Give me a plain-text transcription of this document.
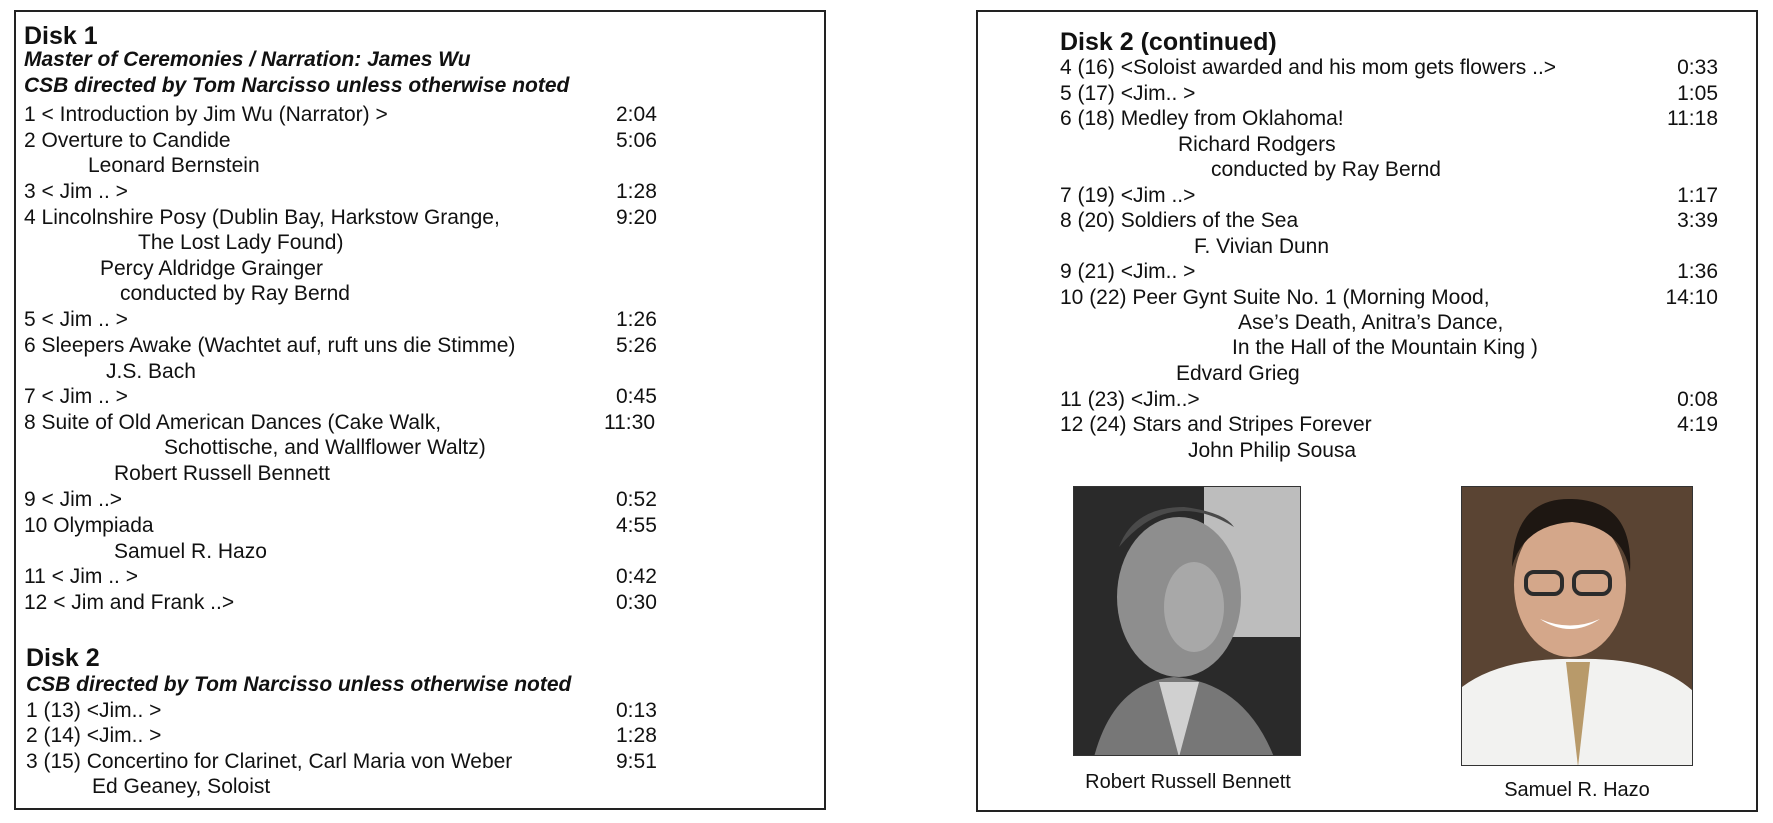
Disk 1
Master of Ceremonies / Narration: James Wu
CSB directed by Tom Narcisso unless otherwise noted
1 < Introduction by Jim Wu (Narrator) >	2:04
2 Overture to Candide	5:06
Leonard Bernstein
3 < Jim .. >	1:28
4 Lincolnshire Posy (Dublin Bay, Harkstow Grange,	9:20
The Lost Lady Found)
Percy Aldridge Grainger
conducted by Ray Bernd
5 < Jim .. >	1:26
6 Sleepers Awake (Wachtet auf, ruft uns die Stimme)	5:26
J.S. Bach
7 < Jim .. >	0:45
8 Suite of Old American Dances (Cake Walk,	11:30
Schottische, and Wallflower Waltz)
Robert Russell Bennett
9 < Jim ..>	0:52
10 Olympiada	4:55
Samuel R. Hazo
11 < Jim .. >	0:42
12 < Jim and Frank ..>	0:30
Disk 2
CSB directed by Tom Narcisso unless otherwise noted
1 (13) <Jim.. >	0:13
2 (14) <Jim.. >	1:28
3 (15) Concertino for Clarinet, Carl Maria von Weber	9:51
Ed Geaney, Soloist
Disk 2 (continued)
4 (16) <Soloist awarded and his mom gets flowers ..>	0:33
5 (17) <Jim.. >	1:05
6 (18) Medley from Oklahoma!	11:18
Richard Rodgers
conducted by Ray Bernd
7 (19) <Jim ..>	1:17
8 (20) Soldiers of the Sea	3:39
F. Vivian Dunn
9 (21) <Jim.. >	1:36
10 (22) Peer Gynt Suite No. 1 (Morning Mood,	14:10
Ase’s Death, Anitra’s Dance,
In the Hall of the Mountain King )
Edvard Grieg
11 (23) <Jim..>	0:08
12 (24) Stars and Stripes Forever	4:19
John Philip Sousa
Robert Russell Bennett	Samuel R. Hazo
